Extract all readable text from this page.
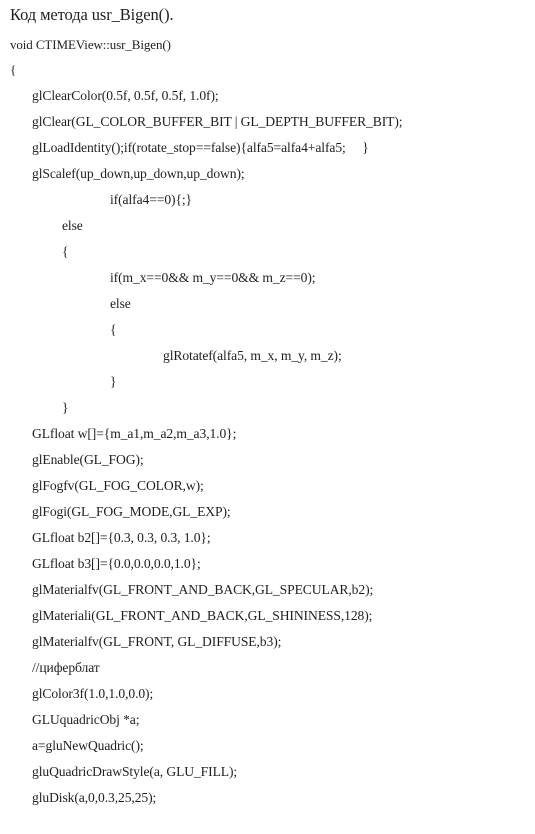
Код метода usr_Bigen().
void CTIMEView::usr_Bigen()
{
glClearColor(0.5f, 0.5f, 0.5f, 1.0f);
glClear(GL_COLOR_BUFFER_BIT | GL_DEPTH_BUFFER_BIT);
glLoadIdentity();if(rotate_stop==false){alfa5=alfa4+alfa5;     }
glScalef(up_down,up_down,up_down);
if(alfa4==0){;}
else
{
if(m_x==0&& m_y==0&& m_z==0);
else
{
glRotatef(alfa5, m_x, m_y, m_z);
}
}
GLfloat w[]={m_a1,m_a2,m_a3,1.0};
glEnable(GL_FOG);
glFogfv(GL_FOG_COLOR,w);
glFogi(GL_FOG_MODE,GL_EXP);
GLfloat b2[]={0.3, 0.3, 0.3, 1.0};
GLfloat b3[]={0.0,0.0,0.0,1.0};
glMaterialfv(GL_FRONT_AND_BACK,GL_SPECULAR,b2);
glMateriali(GL_FRONT_AND_BACK,GL_SHININESS,128);
glMaterialfv(GL_FRONT, GL_DIFFUSE,b3);
//циферблат
glColor3f(1.0,1.0,0.0);
GLUquadricObj *a;
a=gluNewQuadric();
gluQuadricDrawStyle(a, GLU_FILL);
gluDisk(a,0,0.3,25,25);
